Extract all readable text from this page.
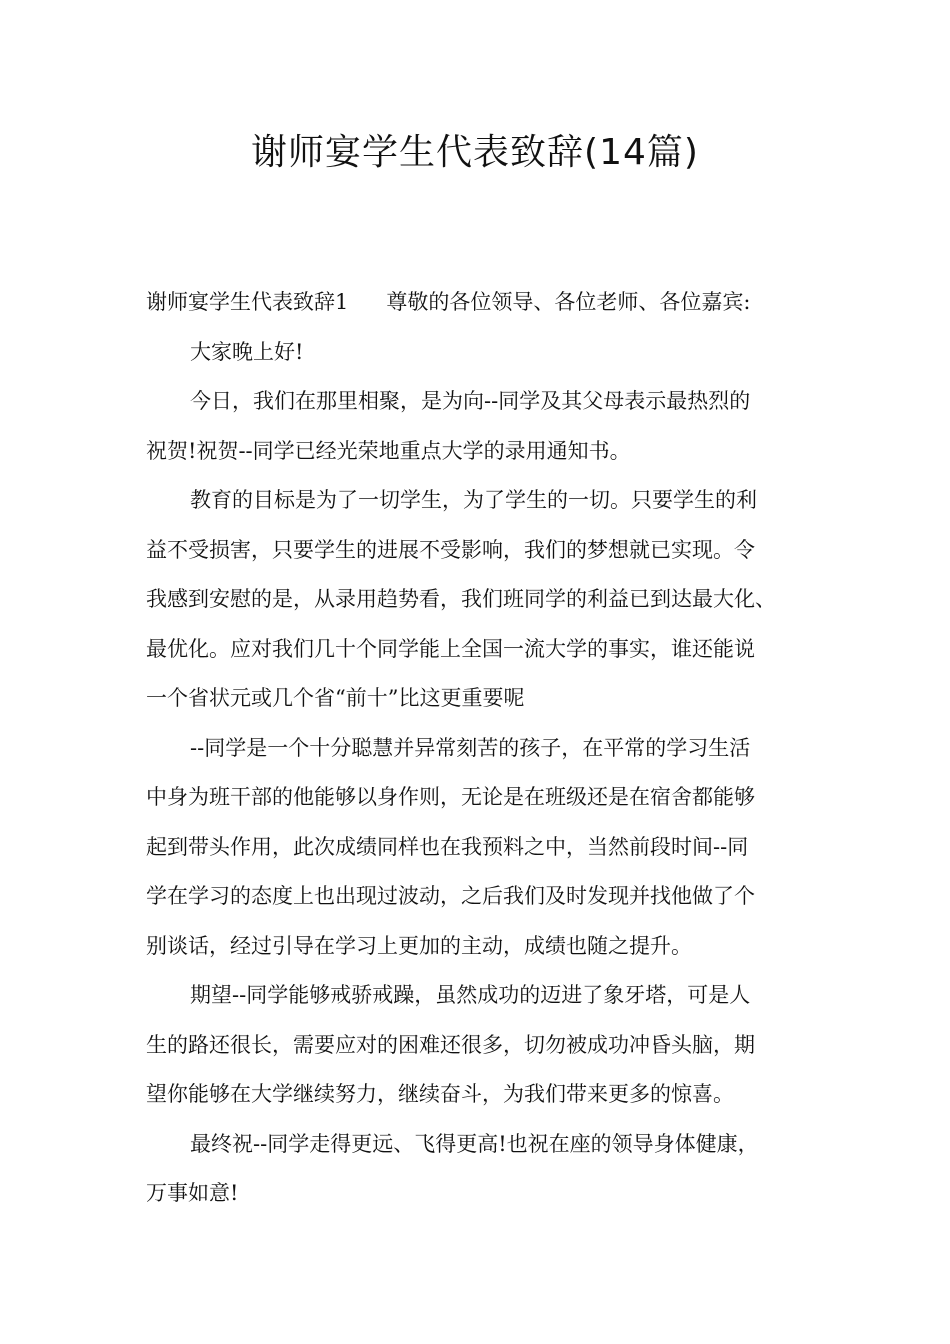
谢师宴学生代表致辞(14篇)
谢师宴学生代表致辞1 尊敬的各位领导、各位老师、各位嘉宾:
大家晚上好!
今日，我们在那里相聚，是为向--同学及其父母表示最热烈的
祝贺!祝贺--同学已经光荣地重点大学的录用通知书。
教育的目标是为了一切学生，为了学生的一切。只要学生的利
益不受损害，只要学生的进展不受影响，我们的梦想就已实现。令
我感到安慰的是，从录用趋势看，我们班同学的利益已到达最大化、
最优化。应对我们几十个同学能上全国一流大学的事实，谁还能说
一个省状元或几个省“前十”比这更重要呢
--同学是一个十分聪慧并异常刻苦的孩子，在平常的学习生活
中身为班干部的他能够以身作则，无论是在班级还是在宿舍都能够
起到带头作用，此次成绩同样也在我预料之中，当然前段时间--同
学在学习的态度上也出现过波动，之后我们及时发现并找他做了个
别谈话，经过引导在学习上更加的主动，成绩也随之提升。
期望--同学能够戒骄戒躁，虽然成功的迈进了象牙塔，可是人
生的路还很长，需要应对的困难还很多，切勿被成功冲昏头脑，期
望你能够在大学继续努力，继续奋斗，为我们带来更多的惊喜。
最终祝--同学走得更远、飞得更高!也祝在座的领导身体健康，
万事如意!
